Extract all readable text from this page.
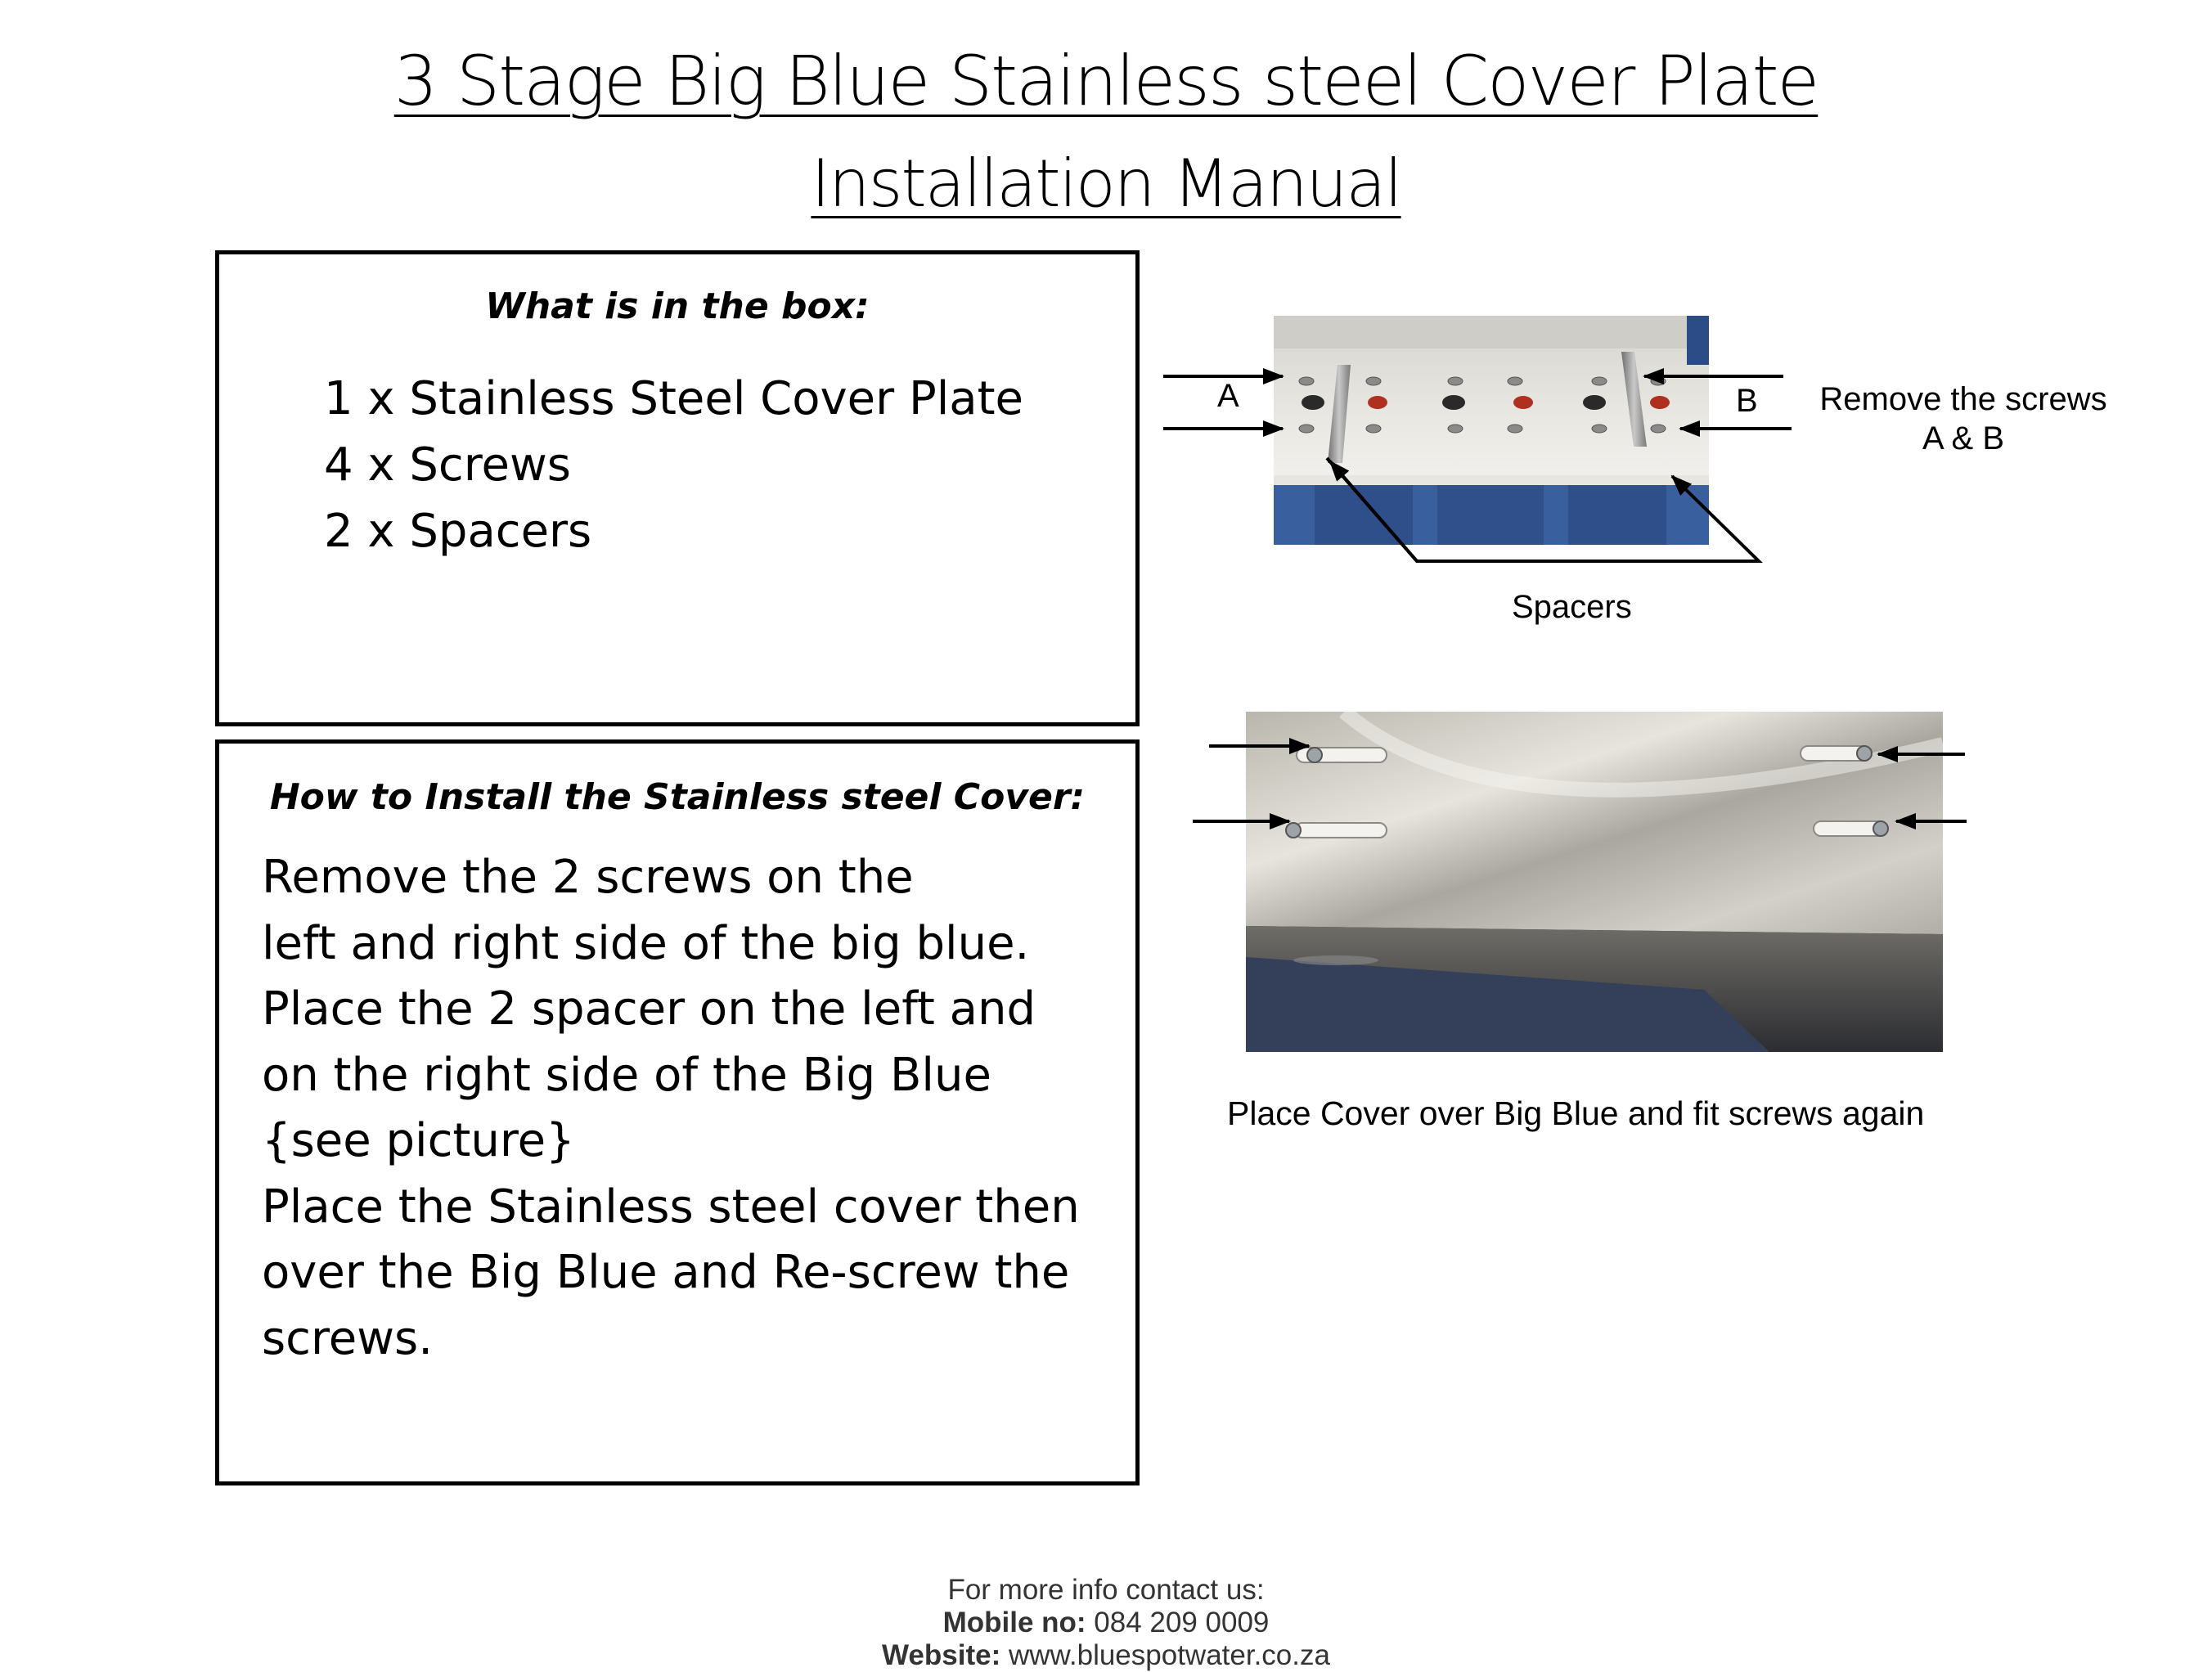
3 Stage Big Blue Stainless steel Cover Plate
Installation Manual
What is in the box:
1 x Stainless Steel Cover Plate
4 x Screws
2 x Spacers
How to Install the Stainless steel Cover:
Remove the 2 screws on the
left and right side of the big blue.
Place the 2 spacer on the left and
on the right side of the Big Blue
{see picture}
Place the Stainless steel cover then
over the Big Blue and Re-screw the
screws.
A	B	Remove the screws
A & B
Spacers
Place Cover over Big Blue and fit screws again
For more info contact us:
Mobile no: 084 209 0009
Website: www.bluespotwater.co.za
